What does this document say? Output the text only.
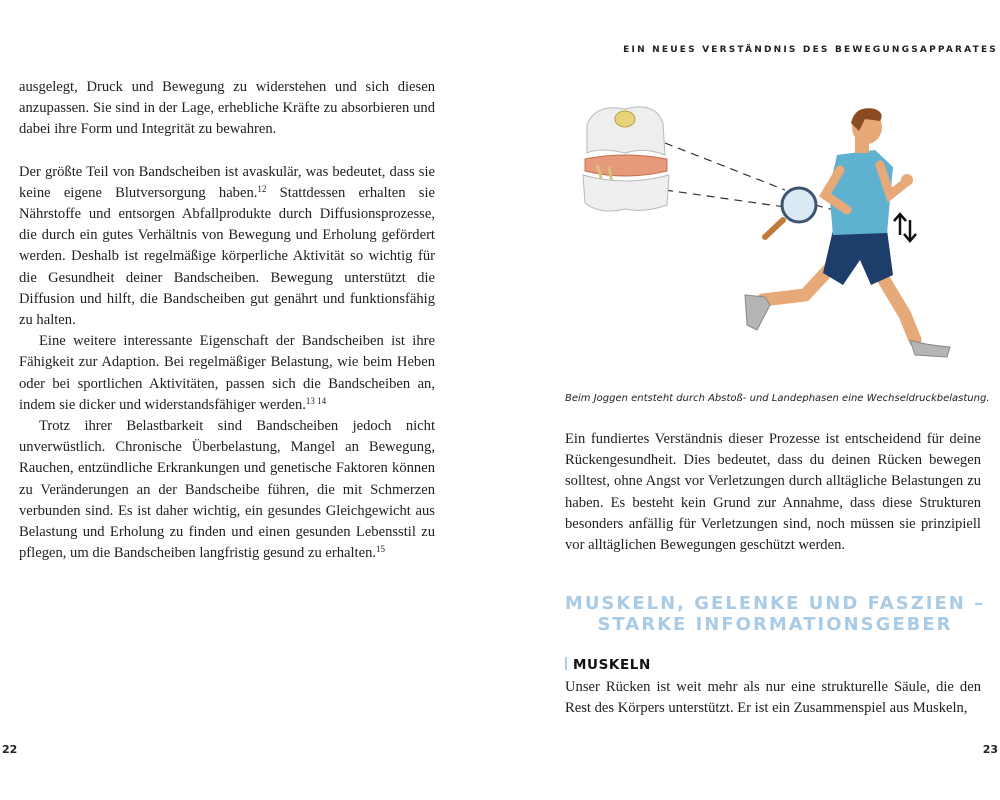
ausgelegt, Druck und Bewegung zu widerstehen und sich diesen anzupassen. Sie sind in der Lage, erhebliche Kräfte zu absorbieren und dabei ihre Form und Integrität zu bewahren.

Der größte Teil von Bandscheiben ist avaskulär, was bedeutet, dass sie keine eigene Blutversorgung haben.$^{12}$ Stattdessen erhalten sie Nährstoffe und entsorgen Abfallprodukte durch Diffusionsprozesse, die durch ein gutes Verhältnis von Bewegung und Erholung gefördert werden. Deshalb ist regelmäßige körperliche Aktivität so wichtig für die Gesundheit deiner Bandscheiben. Bewegung unterstützt die Diffusion und hilft, die Bandscheiben gut genährt und funktionsfähig zu halten.

Eine weitere interessante Eigenschaft der Bandscheiben ist ihre Fähigkeit zur Adaption. Bei regelmäßiger Belastung, wie beim Heben oder bei sportlichen Aktivitäten, passen sich die Bandscheiben an, indem sie dicker und widerstandsfähiger werden.$^{13 14}$

Trotz ihrer Belastbarkeit sind Bandscheiben jedoch nicht unverwüstlich. Chronische Überbelastung, Mangel an Bewegung, Rauchen, entzündliche Erkrankungen und genetische Faktoren können zu Veränderungen an der Bandscheibe führen, die mit Schmerzen verbunden sind. Es ist daher wichtig, ein gesundes Gleichgewicht aus Belastung und Erholung zu finden und einen gesunden Lebensstil zu pflegen, um die Bandscheiben langfristig gesund zu erhalten.$^{15}$

22
EIN NEUES VERSTÄNDNIS DES BEWEGUNGSAPPARATES
Beim Joggen entsteht durch Abstoß- und Landephasen eine Wechseldruckbelastung.

Ein fundiertes Verständnis dieser Prozesse ist entscheidend für deine Rückengesundheit. Dies bedeutet, dass du deinen Rücken bewegen solltest, ohne Angst vor Verletzungen durch alltägliche Belastungen zu haben. Es besteht kein Grund zur Annahme, dass diese Strukturen besonders anfällig für Verletzungen sind, noch müssen sie prinzipiell vor alltäglichen Bewegungen geschützt werden.

MUSKELN, GELENKE UND FASZIEN –
STARKE INFORMATIONSGEBER
MUSKELN

Unser Rücken ist weit mehr als nur eine strukturelle Säule, die den Rest des Körpers unterstützt. Er ist ein Zusammenspiel aus Muskeln,

23
